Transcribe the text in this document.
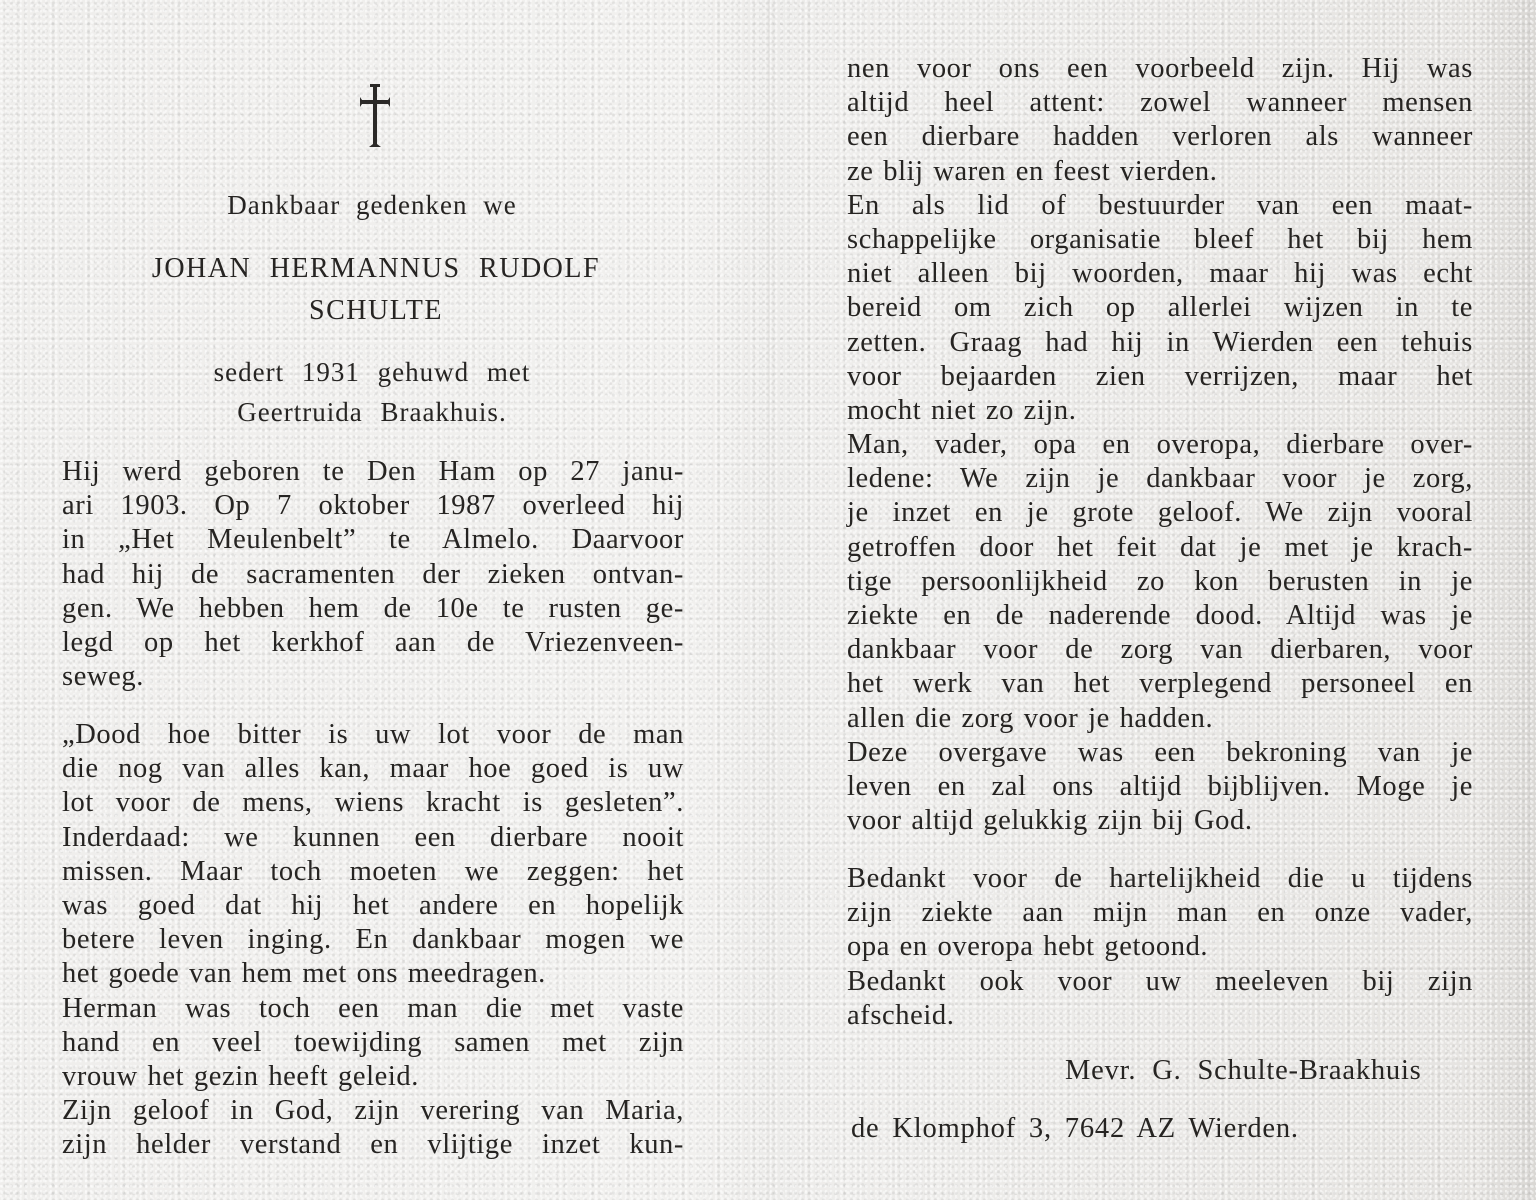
Dankbaar gedenken we
JOHAN HERMANNUS RUDOLF
SCHULTE
sedert 1931 gehuwd met
Geertruida Braakhuis.
Hij werd geboren te Den Ham op 27 janu-
ari 1903. Op 7 oktober 1987 overleed hij
in „Het Meulenbelt” te Almelo. Daarvoor
had hij de sacramenten der zieken ontvan-
gen. We hebben hem de 10e te rusten ge-
legd op het kerkhof aan de Vriezenveen-
seweg.
„Dood hoe bitter is uw lot voor de man
die nog van alles kan, maar hoe goed is uw
lot voor de mens, wiens kracht is gesleten”.
Inderdaad: we kunnen een dierbare nooit
missen. Maar toch moeten we zeggen: het
was goed dat hij het andere en hopelijk
betere leven inging. En dankbaar mogen we
het goede van hem met ons meedragen.
Herman was toch een man die met vaste
hand en veel toewijding samen met zijn
vrouw het gezin heeft geleid.
Zijn geloof in God, zijn verering van Maria,
zijn helder verstand en vlijtige inzet kun-
nen voor ons een voorbeeld zijn. Hij was
altijd heel attent: zowel wanneer mensen
een dierbare hadden verloren als wanneer
ze blij waren en feest vierden.
En als lid of bestuurder van een maat-
schappelijke organisatie bleef het bij hem
niet alleen bij woorden, maar hij was echt
bereid om zich op allerlei wijzen in te
zetten. Graag had hij in Wierden een tehuis
voor bejaarden zien verrijzen, maar het
mocht niet zo zijn.
Man, vader, opa en overopa, dierbare over-
ledene: We zijn je dankbaar voor je zorg,
je inzet en je grote geloof. We zijn vooral
getroffen door het feit dat je met je krach-
tige persoonlijkheid zo kon berusten in je
ziekte en de naderende dood. Altijd was je
dankbaar voor de zorg van dierbaren, voor
het werk van het verplegend personeel en
allen die zorg voor je hadden.
Deze overgave was een bekroning van je
leven en zal ons altijd bijblijven. Moge je
voor altijd gelukkig zijn bij God.
Bedankt voor de hartelijkheid die u tijdens
zijn ziekte aan mijn man en onze vader,
opa en overopa hebt getoond.
Bedankt ook voor uw meeleven bij zijn
afscheid.
Mevr. G. Schulte-Braakhuis
de Klomphof 3, 7642 AZ Wierden.
